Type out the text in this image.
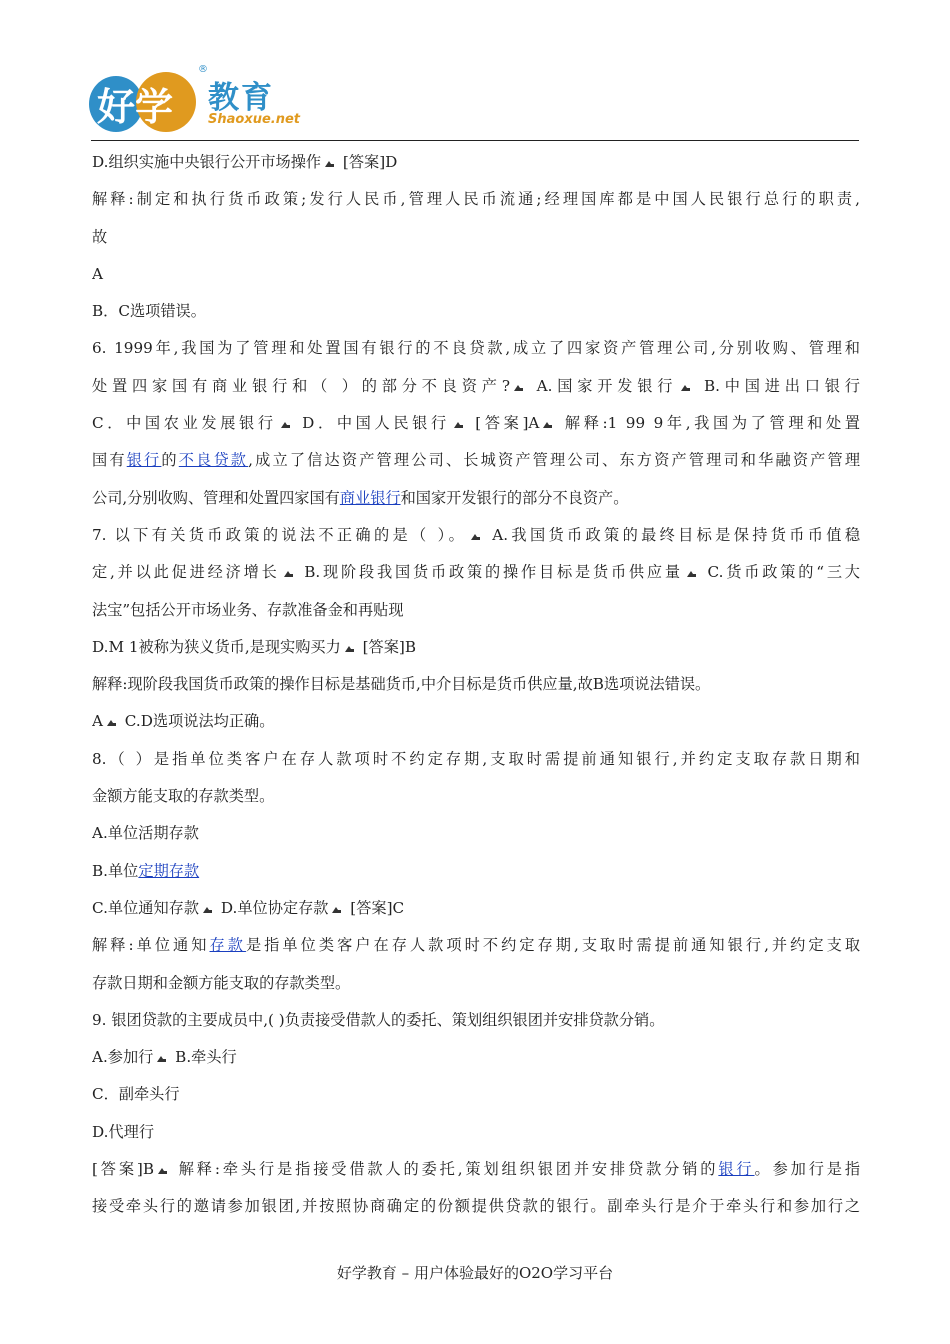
好学
®
教育
Shaoxue.net
D.组织实施中央银行公开市场操作 [答案]D
解释:制定和执行货币政策;发行人民币,管理人民币流通;经理国库都是中国人民银行总行的职责,
故
A
B．C选项错误。
6. 1999年,我国为了管理和处置国有银行的不良贷款,成立了四家资产管理公司,分别收购、管理和
处置四家国有商业银行和（ ）的部分不良资产? A.国家开发银行 B.中国进出口银行
C．中国农业发展银行 D．中国人民银行 [答案]A 解释:1 99 9年,我国为了管理和处置
国有银行的不良贷款,成立了信达资产管理公司、长城资产管理公司、东方资产管理司和华融资产管理
公司,分别收购、管理和处置四家国有商业银行和国家开发银行的部分不良资产。
7. 以下有关货币政策的说法不正确的是（ ）。 A.我国货币政策的最终目标是保持货币币值稳
定,并以此促进经济增长 B.现阶段我国货币政策的操作目标是货币供应量 C.货币政策的“三大
法宝”包括公开市场业务、存款准备金和再贴现
D.M 1被称为狭义货币,是现实购买力 [答案]B
解释:现阶段我国货币政策的操作目标是基础货币,中介目标是货币供应量,故B选项说法错误。
A C.D选项说法均正确。
8.（ ）是指单位类客户在存人款项时不约定存期,支取时需提前通知银行,并约定支取存款日期和
金额方能支取的存款类型。
A.单位活期存款
B.单位定期存款
C.单位通知存款 D.单位协定存款 [答案]C
解释:单位通知存款是指单位类客户在存人款项时不约定存期,支取时需提前通知银行,并约定支取
存款日期和金额方能支取的存款类型。
9. 银团贷款的主要成员中,( )负责接受借款人的委托、策划组织银团并安排贷款分销。
A.参加行 B.牵头行
C．副牵头行
D.代理行
[答案]B 解释:牵头行是指接受借款人的委托,策划组织银团并安排贷款分销的银行。参加行是指
接受牵头行的邀请参加银团,并按照协商确定的份额提供贷款的银行。副牵头行是介于牵头行和参加行之
好学教育 – 用户体验最好的O2O学习平台
